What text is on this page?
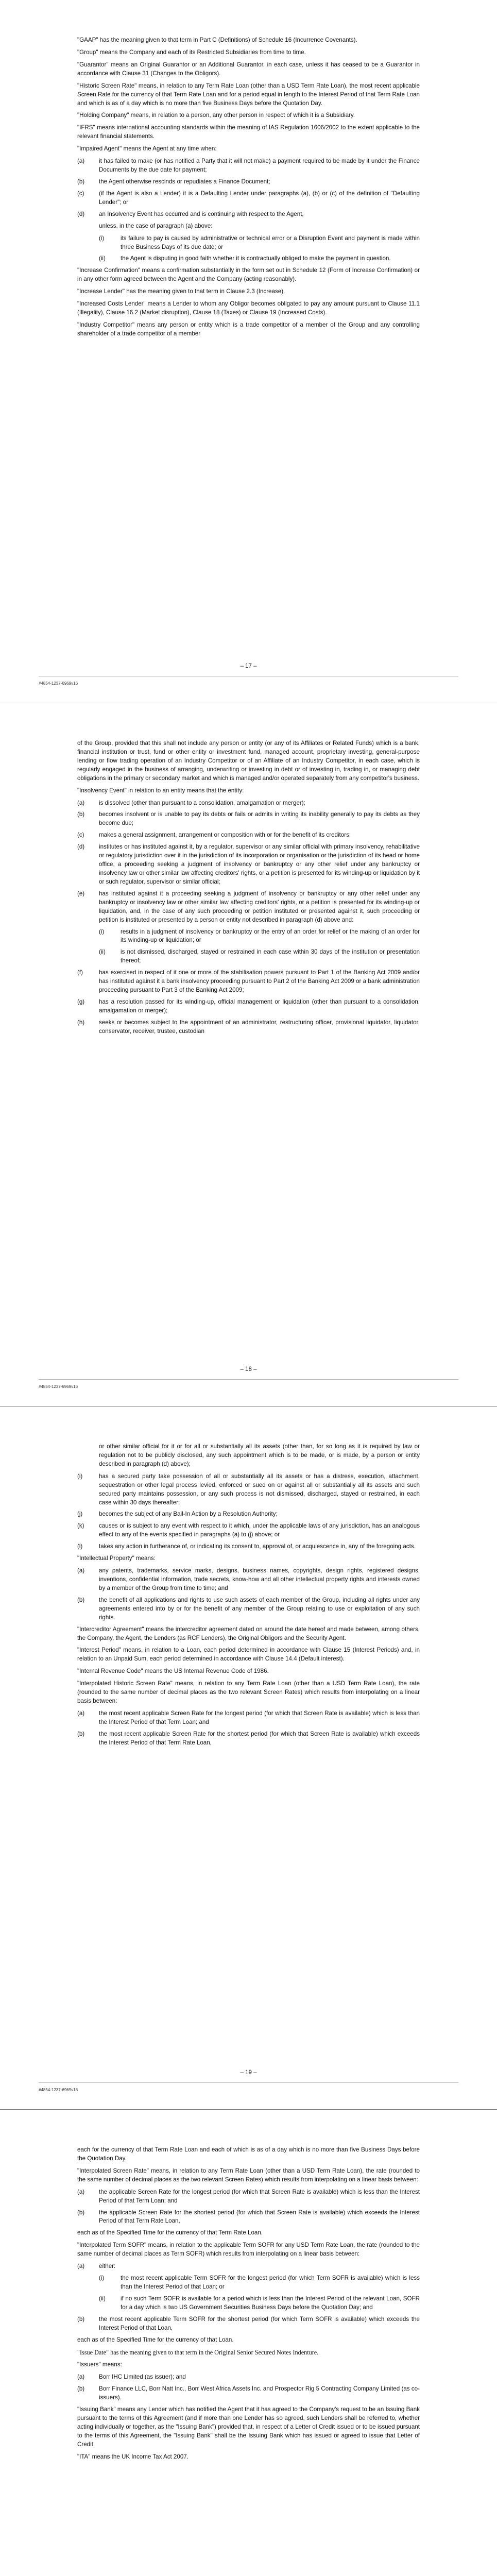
"GAAP" has the meaning given to that term in Part C (Definitions) of Schedule 16 (Incurrence Covenants).

"Group" means the Company and each of its Restricted Subsidiaries from time to time.

"Guarantor" means an Original Guarantor or an Additional Guarantor, in each case, unless it has ceased to be a Guarantor in accordance with Clause 31 (Changes to the Obligors).

"Historic Screen Rate" means, in relation to any Term Rate Loan (other than a USD Term Rate Loan), the most recent applicable Screen Rate for the currency of that Term Rate Loan and for a period equal in length to the Interest Period of that Term Rate Loan and which is as of a day which is no more than five Business Days before the Quotation Day.

"Holding Company" means, in relation to a person, any other person in respect of which it is a Subsidiary.

"IFRS" means international accounting standards within the meaning of IAS Regulation 1606/2002 to the extent applicable to the relevant financial statements.

"Impaired Agent" means the Agent at any time when:

(a)	it has failed to make (or has notified a Party that it will not make) a payment required to be made by it under the Finance Documents by the due date for payment;
(b)	the Agent otherwise rescinds or repudiates a Finance Document;
(c)	(if the Agent is also a Lender) it is a Defaulting Lender under paragraphs (a), (b) or (c) of the definition of "Defaulting Lender"; or
(d)	an Insolvency Event has occurred and is continuing with respect to the Agent,

unless, in the case of paragraph (a) above:

(i)	its failure to pay is caused by administrative or technical error or a Disruption Event and payment is made within three Business Days of its due date; or
(ii)	the Agent is disputing in good faith whether it is contractually obliged to make the payment in question.

"Increase Confirmation" means a confirmation substantially in the form set out in Schedule 12 (Form of Increase Confirmation) or in any other form agreed between the Agent and the Company (acting reasonably).

"Increase Lender" has the meaning given to that term in Clause 2.3 (Increase).

"Increased Costs Lender" means a Lender to whom any Obligor becomes obligated to pay any amount pursuant to Clause 11.1 (Illegality), Clause 16.2 (Market disruption), Clause 18 (Taxes) or Clause 19 (Increased Costs).

"Industry Competitor" means any person or entity which is a trade competitor of a member of the Group and any controlling shareholder of a trade competitor of a member

– 17 –
#4854-1237-6969v16

of the Group, provided that this shall not include any person or entity (or any of its Affiliates or Related Funds) which is a bank, financial institution or trust, fund or other entity or investment fund, managed account, proprietary investing, general-purpose lending or flow trading operation of an Industry Competitor or of an Affiliate of an Industry Competitor, in each case, which is regularly engaged in the business of arranging, underwriting or investing in debt or of investing in, trading in, or managing debt obligations in the primary or secondary market and which is managed and/or operated separately from any competitor's business.

"Insolvency Event" in relation to an entity means that the entity:

(a)	is dissolved (other than pursuant to a consolidation, amalgamation or merger);
(b)	becomes insolvent or is unable to pay its debts or fails or admits in writing its inability generally to pay its debts as they become due;
(c)	makes a general assignment, arrangement or composition with or for the benefit of its creditors;
(d)	institutes or has instituted against it, by a regulator, supervisor or any similar official with primary insolvency, rehabilitative or regulatory jurisdiction over it in the jurisdiction of its incorporation or organisation or the jurisdiction of its head or home office, a proceeding seeking a judgment of insolvency or bankruptcy or any other relief under any bankruptcy or insolvency law or other similar law affecting creditors' rights, or a petition is presented for its winding-up or liquidation by it or such regulator, supervisor or similar official;
(e)	has instituted against it a proceeding seeking a judgment of insolvency or bankruptcy or any other relief under any bankruptcy or insolvency law or other similar law affecting creditors' rights, or a petition is presented for its winding-up or liquidation, and, in the case of any such proceeding or petition instituted or presented against it, such proceeding or petition is instituted or presented by a person or entity not described in paragraph (d) above and:
(i)	results in a judgment of insolvency or bankruptcy or the entry of an order for relief or the making of an order for its winding-up or liquidation; or
(ii)	is not dismissed, discharged, stayed or restrained in each case within 30 days of the institution or presentation thereof;
(f)	has exercised in respect of it one or more of the stabilisation powers pursuant to Part 1 of the Banking Act 2009 and/or has instituted against it a bank insolvency proceeding pursuant to Part 2 of the Banking Act 2009 or a bank administration proceeding pursuant to Part 3 of the Banking Act 2009;
(g)	has a resolution passed for its winding-up, official management or liquidation (other than pursuant to a consolidation, amalgamation or merger);
(h)	seeks or becomes subject to the appointment of an administrator, restructuring officer, provisional liquidator, liquidator, conservator, receiver, trustee, custodian
– 18 –
#4854-1237-6969v16

or other similar official for it or for all or substantially all its assets (other than, for so long as it is required by law or regulation not to be publicly disclosed, any such appointment which is to be made, or is made, by a person or entity described in paragraph (d) above);

(i)	has a secured party take possession of all or substantially all its assets or has a distress, execution, attachment, sequestration or other legal process levied, enforced or sued on or against all or substantially all its assets and such secured party maintains possession, or any such process is not dismissed, discharged, stayed or restrained, in each case within 30 days thereafter;
(j)	becomes the subject of any Bail-In Action by a Resolution Authority;
(k)	causes or is subject to any event with respect to it which, under the applicable laws of any jurisdiction, has an analogous effect to any of the events specified in paragraphs (a) to (j) above; or
(l)	takes any action in furtherance of, or indicating its consent to, approval of, or acquiescence in, any of the foregoing acts.

"Intellectual Property" means:

(a)	any patents, trademarks, service marks, designs, business names, copyrights, design rights, registered designs, inventions, confidential information, trade secrets, know-how and all other intellectual property rights and interests owned by a member of the Group from time to time; and
(b)	the benefit of all applications and rights to use such assets of each member of the Group, including all rights under any agreements entered into by or for the benefit of any member of the Group relating to use or exploitation of any such rights.

"Intercreditor Agreement" means the intercreditor agreement dated on around the date hereof and made between, among others, the Company, the Agent, the Lenders (as RCF Lenders), the Original Obligors and the Security Agent.

"Interest Period" means, in relation to a Loan, each period determined in accordance with Clause 15 (Interest Periods) and, in relation to an Unpaid Sum, each period determined in accordance with Clause 14.4 (Default interest).

"Internal Revenue Code" means the US Internal Revenue Code of 1986.

"Interpolated Historic Screen Rate" means, in relation to any Term Rate Loan (other than a USD Term Rate Loan), the rate (rounded to the same number of decimal places as the two relevant Screen Rates) which results from interpolating on a linear basis between:

(a)	the most recent applicable Screen Rate for the longest period (for which that Screen Rate is available) which is less than the Interest Period of that Term Loan; and
(b)	the most recent applicable Screen Rate for the shortest period (for which that Screen Rate is available) which exceeds the Interest Period of that Term Rate Loan,
– 19 –
#4854-1237-6969v16

each for the currency of that Term Rate Loan and each of which is as of a day which is no more than five Business Days before the Quotation Day.

"Interpolated Screen Rate" means, in relation to any Term Rate Loan (other than a USD Term Rate Loan), the rate (rounded to the same number of decimal places as the two relevant Screen Rates) which results from interpolating on a linear basis between:

(a)	the applicable Screen Rate for the longest period (for which that Screen Rate is available) which is less than the Interest Period of that Term Loan; and
(b)	the applicable Screen Rate for the shortest period (for which that Screen Rate is available) which exceeds the Interest Period of that Term Rate Loan,

each as of the Specified Time for the currency of that Term Rate Loan.

"Interpolated Term SOFR" means, in relation to the applicable Term SOFR for any USD Term Rate Loan, the rate (rounded to the same number of decimal places as Term SOFR) which results from interpolating on a linear basis between:

(a)	either:
(i)	the most recent applicable Term SOFR for the longest period (for which Term SOFR is available) which is less than the Interest Period of that Loan; or
(ii)	if no such Term SOFR is available for a period which is less than the Interest Period of the relevant Loan, SOFR for a day which is two US Government Securities Business Days before the Quotation Day; and
(b)	the most recent applicable Term SOFR for the shortest period (for which Term SOFR is available) which exceeds the Interest Period of that Loan,

each as of the Specified Time for the currency of that Loan.

"Issue Date" has the meaning given to that term in the Original Senior Secured Notes Indenture.

"Issuers" means:

(a)	Borr IHC Limited (as issuer); and
(b)	Borr Finance LLC, Borr Natt Inc., Borr West Africa Assets Inc. and Prospector Rig 5 Contracting Company Limited (as co-issuers).

"Issuing Bank" means any Lender which has notified the Agent that it has agreed to the Company's request to be an Issuing Bank pursuant to the terms of this Agreement (and if more than one Lender has so agreed, such Lenders shall be referred to, whether acting individually or together, as the "Issuing Bank") provided that, in respect of a Letter of Credit issued or to be issued pursuant to the terms of this Agreement, the "Issuing Bank" shall be the Issuing Bank which has issued or agreed to issue that Letter of Credit.

"ITA" means the UK Income Tax Act 2007.
